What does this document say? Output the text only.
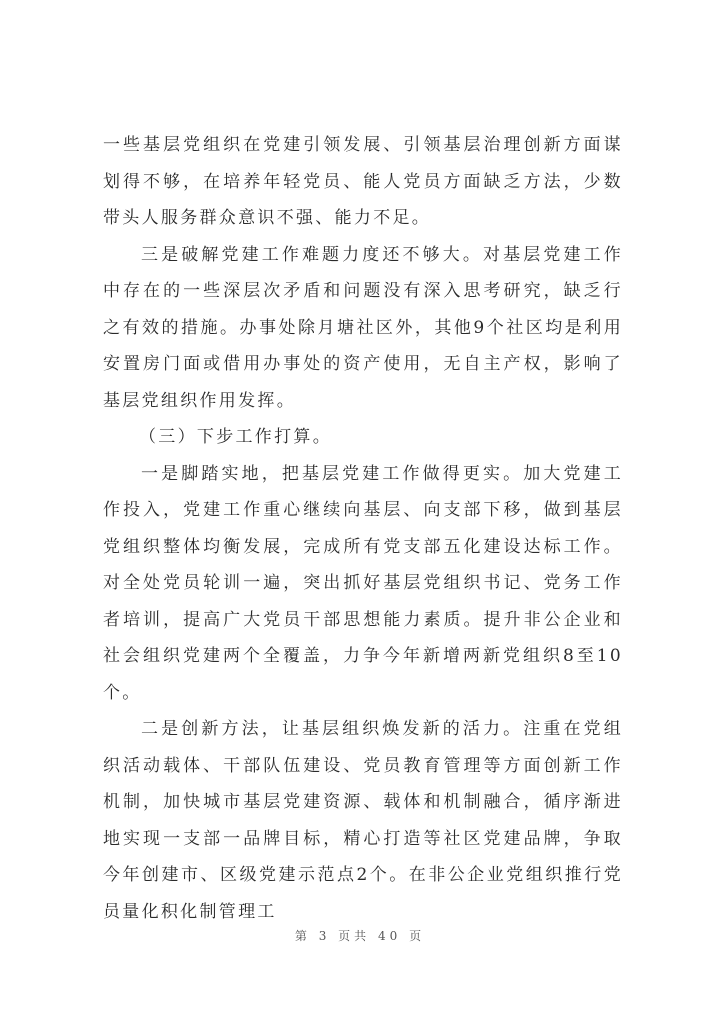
一些基层党组织在党建引领发展、引领基层治理创新方面谋划得不够，在培养年轻党员、能人党员方面缺乏方法，少数带头人服务群众意识不强、能力不足。

三是破解党建工作难题力度还不够大。对基层党建工作中存在的一些深层次矛盾和问题没有深入思考研究，缺乏行之有效的措施。办事处除月塘社区外，其他9个社区均是利用安置房门面或借用办事处的资产使用，无自主产权，影响了基层党组织作用发挥。

（三）下步工作打算。

一是脚踏实地，把基层党建工作做得更实。加大党建工作投入，党建工作重心继续向基层、向支部下移，做到基层党组织整体均衡发展，完成所有党支部五化建设达标工作。对全处党员轮训一遍，突出抓好基层党组织书记、党务工作者培训，提高广大党员干部思想能力素质。提升非公企业和社会组织党建两个全覆盖，力争今年新增两新党组织8至10个。

二是创新方法，让基层组织焕发新的活力。注重在党组织活动载体、干部队伍建设、党员教育管理等方面创新工作机制，加快城市基层党建资源、载体和机制融合，循序渐进地实现一支部一品牌目标，精心打造等社区党建品牌，争取今年创建市、区级党建示范点2个。在非公企业党组织推行党员量化积化制管理工

第 3 页共 40 页
